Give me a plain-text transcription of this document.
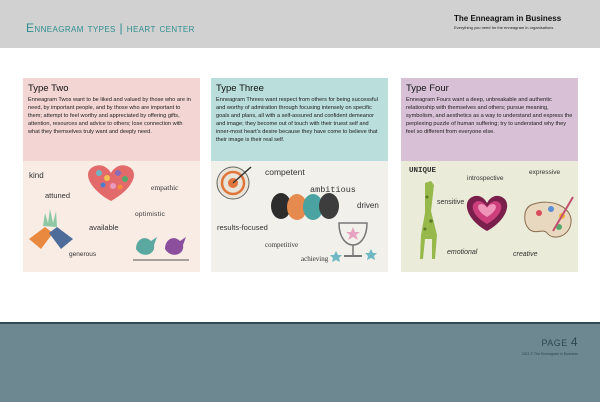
Enneagram types | heart center
The Enneagram in Business
Everything you need for the enneagram in organisations
Type Two

Enneagram Twos want to be liked and valued by those who are in need, by important people, and by those who are important to them; attempt to feel worthy and appreciated by offering gifts, attention, resources and advice to others; lose connection with what they themselves truly want and deeply need.

kind
attuned
empathic
optimistic
available
generous
Type Three

Enneagram Threes want respect from others for being successful and worthy of admiration through focusing intensely on specific goals and plans, all with a self-assured and confident demeanor and image; they become out of touch with their truest self and inner-most heart’s desire because they have come to believe that their image is their real self.

competent
ambitious
driven
results-focused
competitive
achieving
Type Four

Enneagram Fours want a deep, unbreakable and authentic relationship with themselves and others; pursue meaning, symbolism, and aesthetics as a way to understand and express the perplexing puzzle of human suffering; try to understand why they feel so different from everyone else.

UNIQUE
introspective
expressive
sensitive
emotional	creative
PAGE 4
2021 © The Enneagram in Business
